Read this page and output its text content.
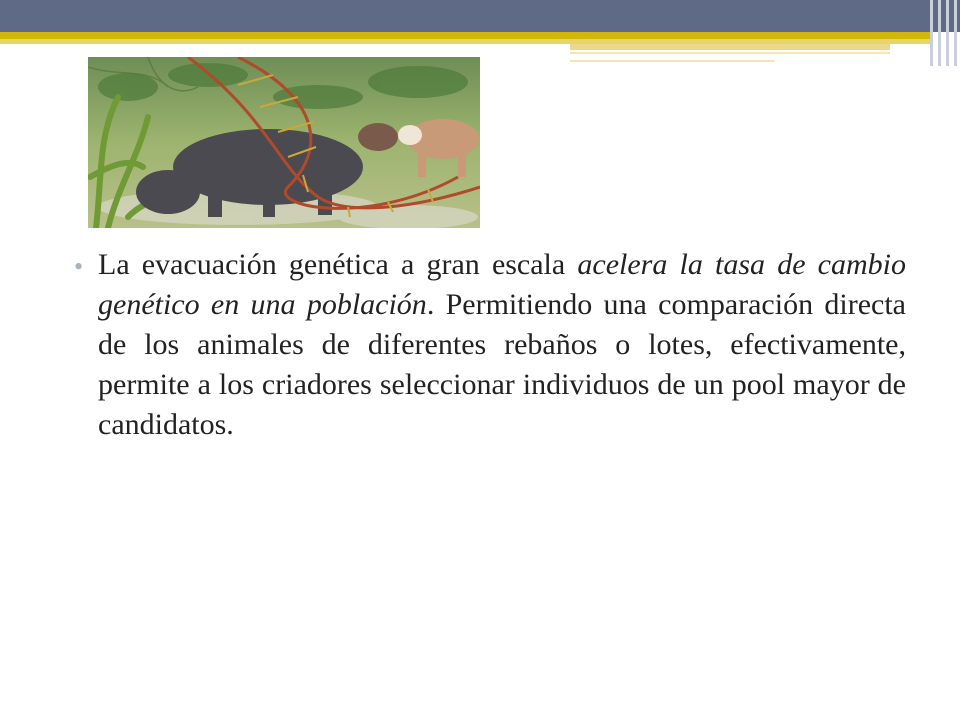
• La evacuación genética a gran escala acelera la tasa de cambio genético en una población. Permitiendo una comparación directa de los animales de diferentes rebaños o lotes, efectivamente, permite a los criadores seleccionar individuos de un pool mayor de candidatos.
